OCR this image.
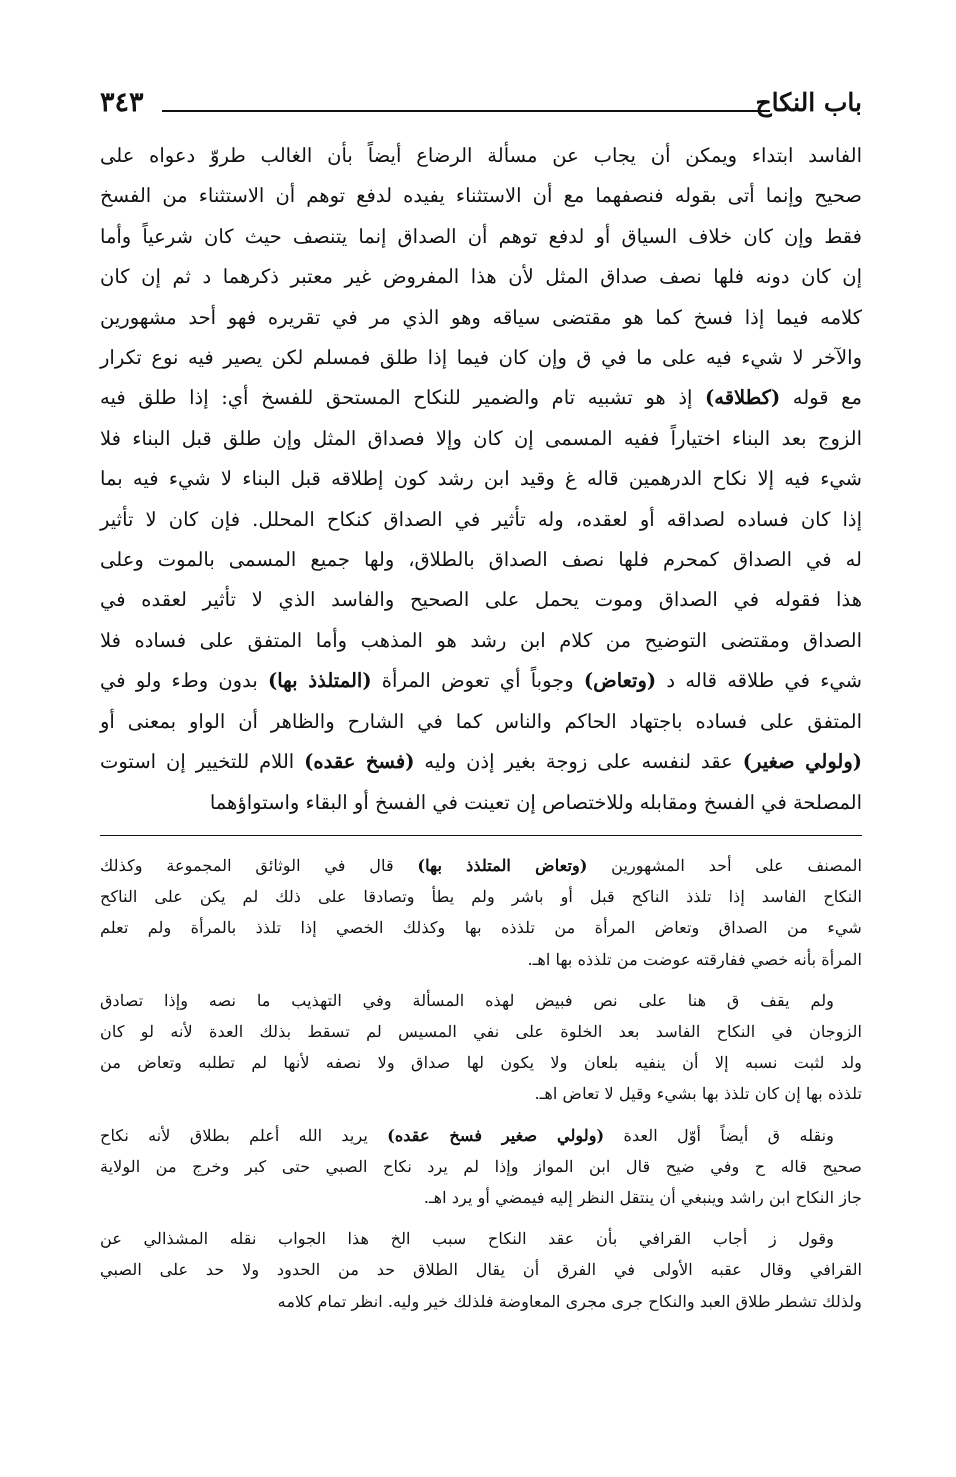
باب النكاح
٣٤٣
الفاسد ابتداء ويمكن أن يجاب عن مسألة الرضاع أيضاً بأن الغالب طروّ دعواه على
صحيح وإنما أتى بقوله فنصفهما مع أن الاستثناء يفيده لدفع توهم أن الاستثناء من الفسخ
فقط وإن كان خلاف السياق أو لدفع توهم أن الصداق إنما يتنصف حيث كان شرعياً وأما
إن كان دونه فلها نصف صداق المثل لأن هذا المفروض غير معتبر ذكرهما د ثم إن كان
كلامه فيما إذا فسخ كما هو مقتضى سياقه وهو الذي مر في تقريره فهو أحد مشهورين
والآخر لا شيء فيه على ما في ق وإن كان فيما إذا طلق فمسلم لكن يصير فيه نوع تكرار
مع قوله (كطلاقه) إذ هو تشبيه تام والضمير للنكاح المستحق للفسخ أي: إذا طلق فيه
الزوج بعد البناء اختياراً ففيه المسمى إن كان وإلا فصداق المثل وإن طلق قبل البناء فلا
شيء فيه إلا نكاح الدرهمين قاله غ وقيد ابن رشد كون إطلاقه قبل البناء لا شيء فيه بما
إذا كان فساده لصداقه أو لعقده، وله تأثير في الصداق كنكاح المحلل. فإن كان لا تأثير
له في الصداق كمحرم فلها نصف الصداق بالطلاق، ولها جميع المسمى بالموت وعلى
هذا فقوله في الصداق وموت يحمل على الصحيح والفاسد الذي لا تأثير لعقده في
الصداق ومقتضى التوضيح من كلام ابن رشد هو المذهب وأما المتفق على فساده فلا
شيء في طلاقه قاله د (وتعاض) وجوباً أي تعوض المرأة (المتلذذ بها) بدون وطء ولو في
المتفق على فساده باجتهاد الحاكم والناس كما في الشارح والظاهر أن الواو بمعنى أو
(ولولي صغير) عقد لنفسه على زوجة بغير إذن وليه (فسخ عقده) اللام للتخيير إن استوت
المصلحة في الفسخ ومقابله وللاختصاص إن تعينت في الفسخ أو البقاء واستواؤهما
المصنف على أحد المشهورين (وتعاض المتلذذ بها) قال في الوثائق المجموعة وكذلك
النكاح الفاسد إذا تلذذ الناكح قبل أو باشر ولم يطأ وتصادقا على ذلك لم يكن على الناكح
شيء من الصداق وتعاض المرأة من تلذذه بها وكذلك الخصي إذا تلذذ بالمرأة ولم تعلم
المرأة بأنه خصي ففارقته عوضت من تلذذه بها اهـ.
ولم يقف ق هنا على نص فبيض لهذه المسألة وفي التهذيب ما نصه وإذا تصادق
الزوجان في النكاح الفاسد بعد الخلوة على نفي المسيس لم تسقط بذلك العدة لأنه لو كان
ولد لثبت نسبه إلا أن ينفيه بلعان ولا يكون لها صداق ولا نصفه لأنها لم تطلبه وتعاض من
تلذذه بها إن كان تلذذ بها بشيء وقيل لا تعاض اهـ.
ونقله ق أيضاً أوّل العدة (ولولي صغير فسخ عقده) يريد الله أعلم بطلاق لأنه نكاح
صحيح قاله ح وفي ضيح قال ابن المواز وإذا لم يرد نكاح الصبي حتى كبر وخرج من الولاية
جاز النكاح ابن راشد وينبغي أن ينتقل النظر إليه فيمضي أو يرد اهـ.
وقول ز أجاب القرافي بأن عقد النكاح سبب الخ هذا الجواب نقله المشذالي عن
القرافي وقال عقبه الأولى في الفرق أن يقال الطلاق حد من الحدود ولا حد على الصبي
ولذلك تشطر طلاق العبد والنكاح جرى مجرى المعاوضة فلذلك خير وليه. انظر تمام كلامه
